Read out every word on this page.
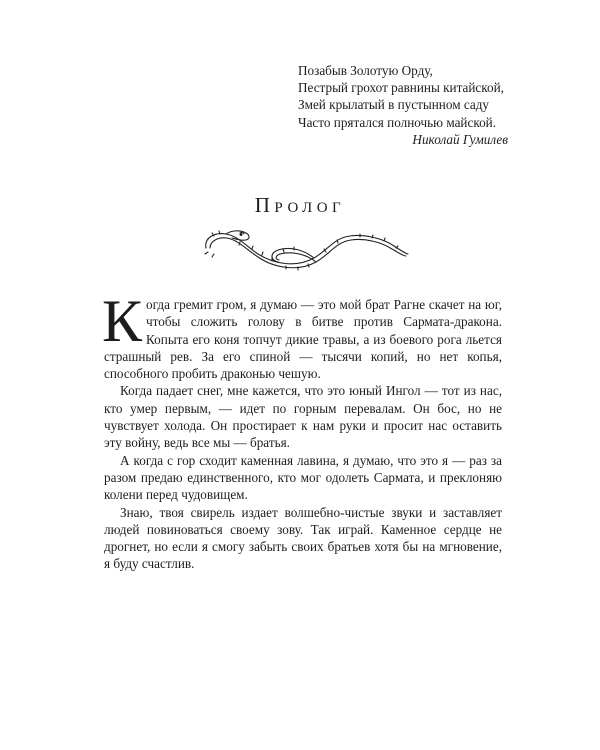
Позабыв Золотую Орду,
Пестрый грохот равнины китайской,
Змей крылатый в пустынном саду
Часто прятался полночью майской.
Николай Гумилев
Пролог

Когда гремит гром, я думаю — это мой брат Рагне скачет на юг, чтобы сложить голову в битве против Сармата-дракона. Копыта его коня топчут дикие травы, а из боевого рога льется страшный рев. За его спиной — тысячи копий, но нет копья, способного пробить драконью чешую.

Когда падает снег, мне кажется, что это юный Ингол — тот из нас, кто умер первым, — идет по горным перевалам. Он бос, но не чувствует холода. Он простирает к нам руки и просит нас оставить эту войну, ведь все мы — братья.

А когда с гор сходит каменная лавина, я думаю, что это я — раз за разом предаю единственного, кто мог одолеть Сармата, и преклоняю колени перед чудовищем.

Знаю, твоя свирель издает волшебно-чистые звуки и заставляет людей повиноваться своему зову. Так играй. Каменное сердце не дрогнет, но если я смогу забыть своих братьев хотя бы на мгновение, я буду счастлив.
